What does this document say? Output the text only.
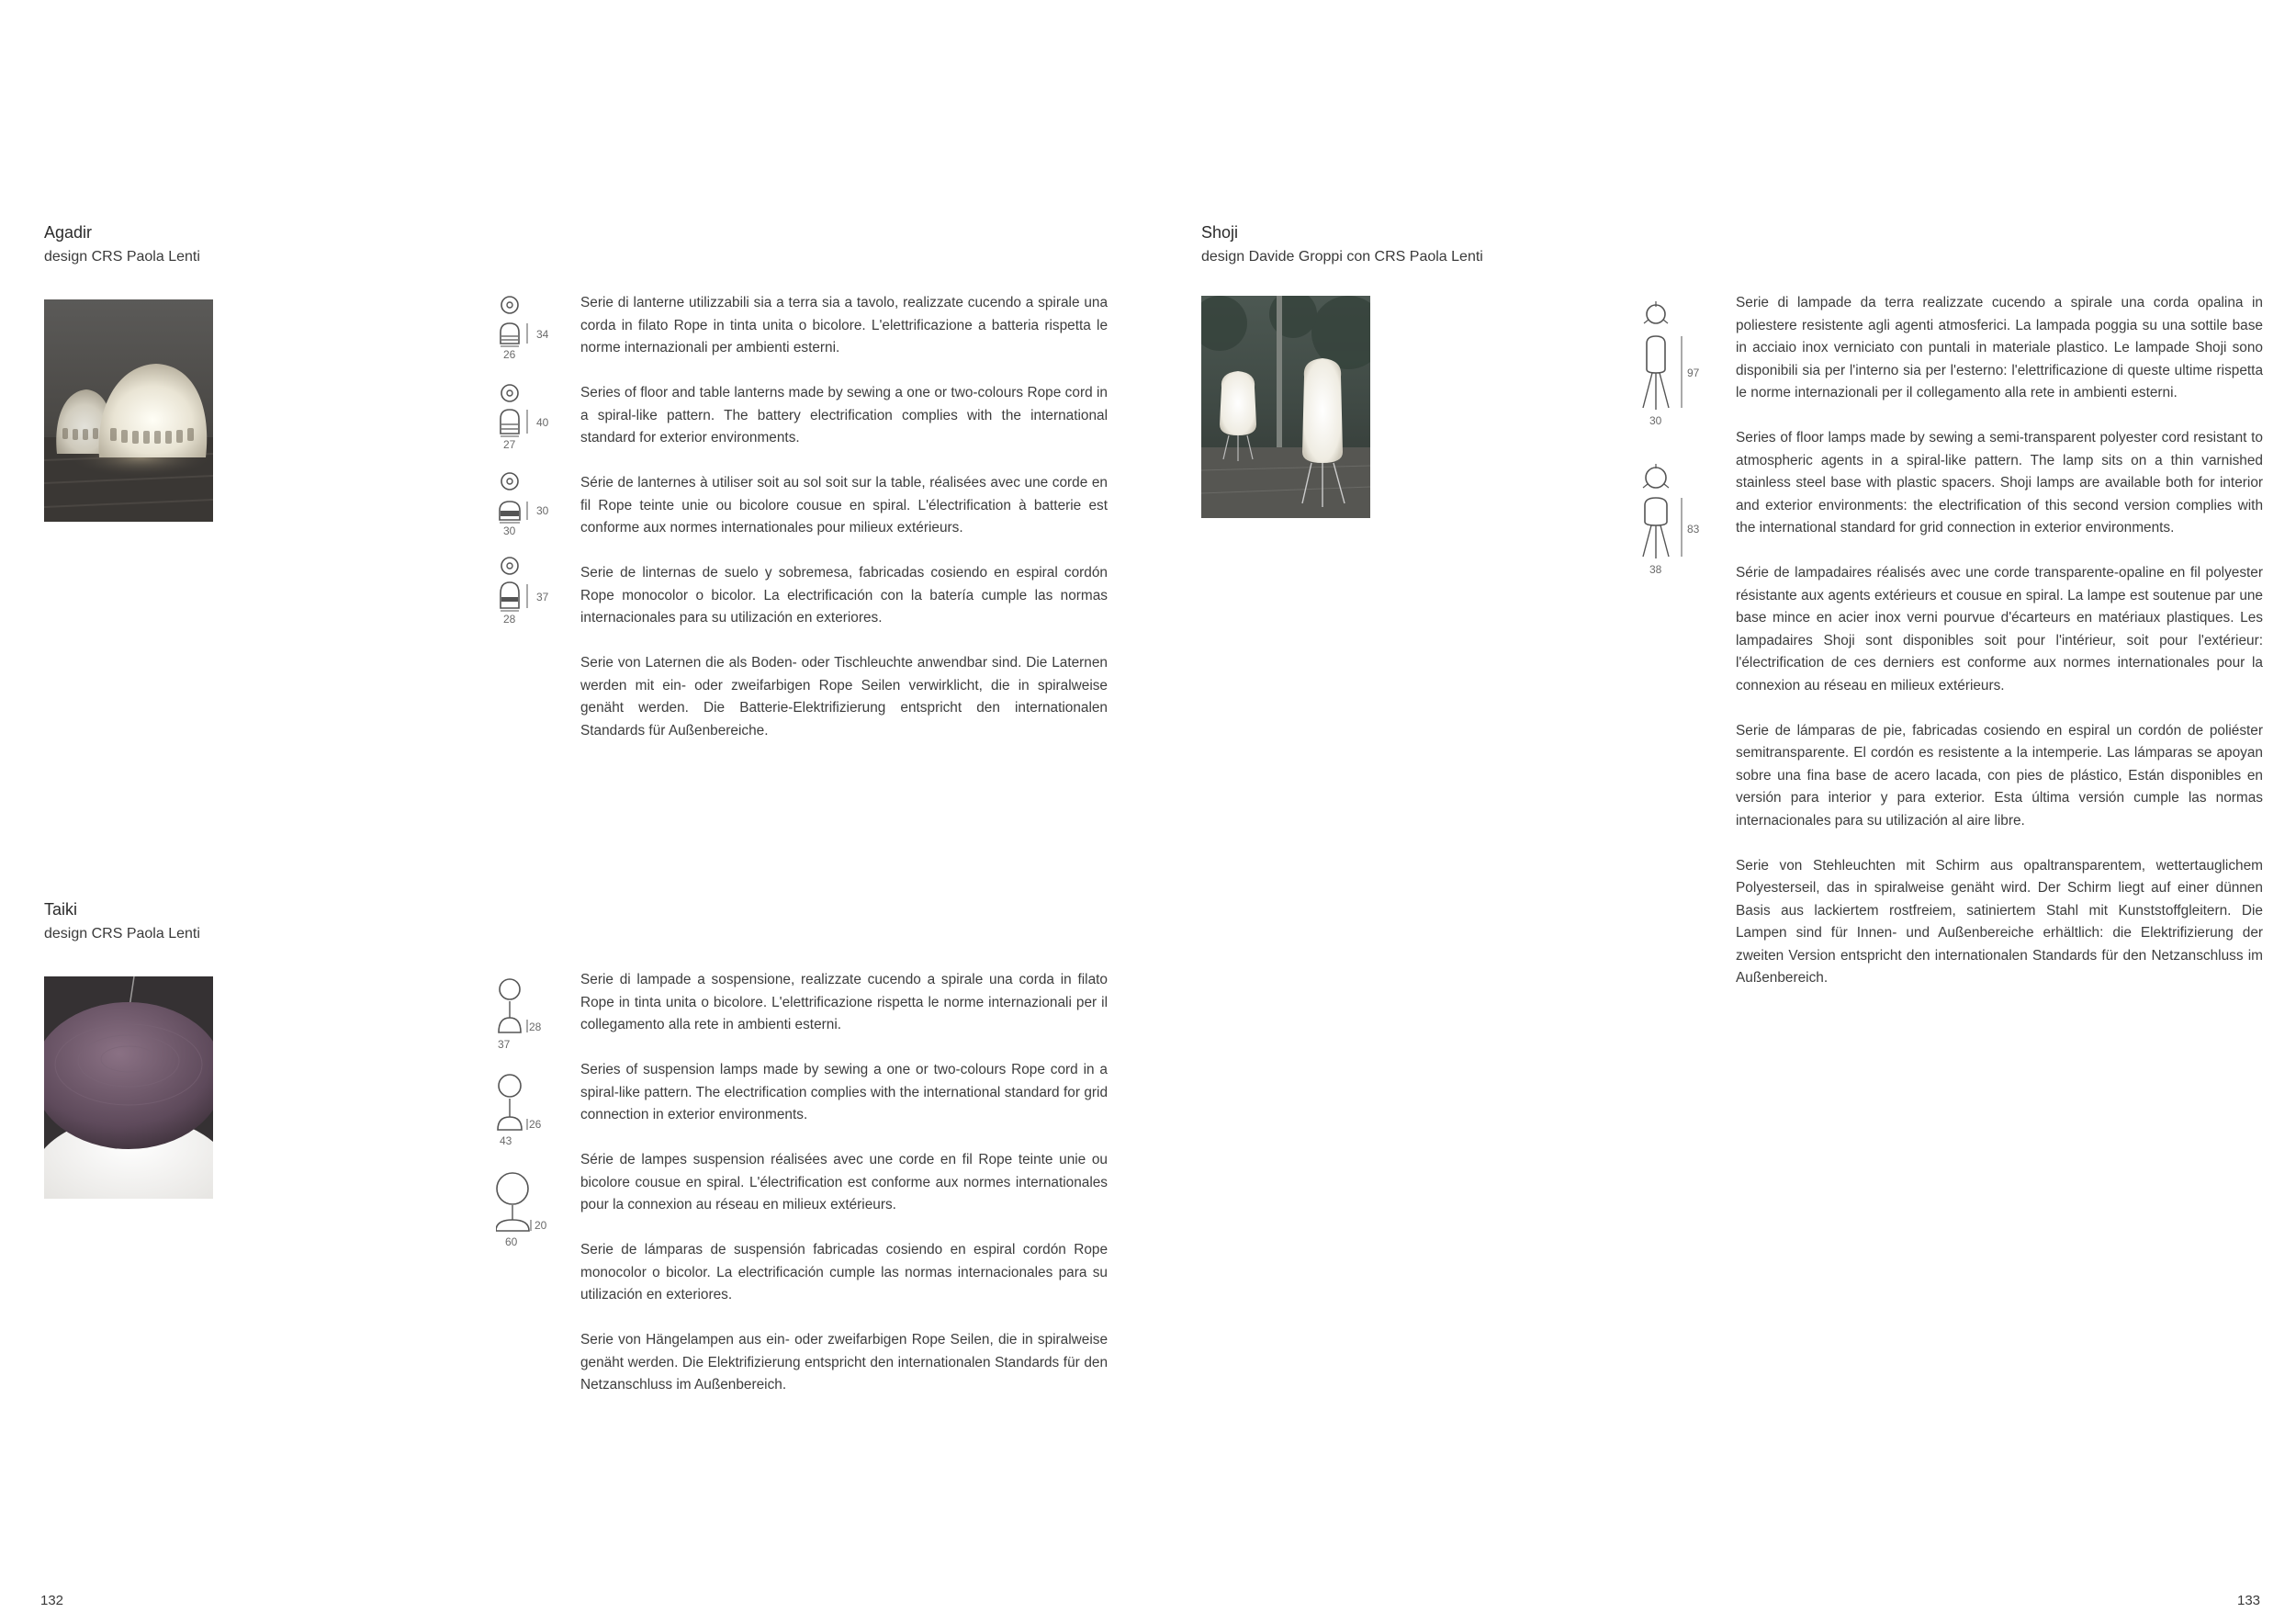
Agadir
design CRS Paola Lenti
34
26
40
27
30
30
37
28

Serie di lanterne utilizzabili sia a terra sia a tavolo, realizzate cucendo a spirale una corda in filato Rope in tinta unita o bicolore. L'elettrificazione a batteria rispetta le norme internazionali per ambienti esterni.

Series of floor and table lanterns made by sewing a one or two-colours Rope cord in a spiral-like pattern. The battery electrification complies with the international standard for exterior environments.

Série de lanternes à utiliser soit au sol soit sur la table, réalisées avec une corde en fil Rope teinte unie ou bicolore cousue en spiral. L'électrification à batterie est conforme aux normes internationales pour milieux extérieurs.

Serie de linternas de suelo y sobremesa, fabricadas cosiendo en espiral cordón Rope monocolor o bicolor. La electrificación con la batería cumple las normas internacionales para su utilización en exteriores.

Serie von Laternen die als Boden- oder Tischleuchte anwendbar sind. Die Laternen werden mit ein- oder zweifarbigen Rope Seilen verwirklicht, die in spiralweise genäht werden. Die Batterie-Elektrifizierung entspricht den internationalen Standards für Außenbereiche.

Taiki
design CRS Paola Lenti
28
37
26
43
20
60

Serie di lampade a sospensione, realizzate cucendo a spirale una corda in filato Rope in tinta unita o bicolore. L'elettrificazione rispetta le norme internazionali per il collegamento alla rete in ambienti esterni.

Series of suspension lamps made by sewing a one or two-colours Rope cord in a spiral-like pattern. The electrification complies with the international standard for grid connection in exterior environments.

Série de lampes suspension réalisées avec une corde en fil Rope teinte unie ou bicolore cousue en spiral. L'électrification est conforme aux normes internationales pour la connexion au réseau en milieux extérieurs.

Serie de lámparas de suspensión fabricadas cosiendo en espiral cordón Rope monocolor o bicolor. La electrificación cumple las normas internacionales para su utilización en exteriores.

Serie von Hängelampen aus ein- oder zweifarbigen Rope Seilen, die in spiralweise genäht werden. Die Elektrifizierung entspricht den internationalen Standards für den Netzanschluss im Außenbereich.

132
Shoji
design Davide Groppi con CRS Paola Lenti
97
30
83
38

Serie di lampade da terra realizzate cucendo a spirale una corda opalina in poliestere resistente agli agenti atmosferici. La lampada poggia su una sottile base in acciaio inox verniciato con puntali in materiale plastico. Le lampade Shoji sono disponibili sia per l'interno sia per l'esterno: l'elettrificazione di queste ultime rispetta le norme internazionali per il collegamento alla rete in ambienti esterni.

Series of floor lamps made by sewing a semi-transparent polyester cord resistant to atmospheric agents in a spiral-like pattern. The lamp sits on a thin varnished stainless steel base with plastic spacers. Shoji lamps are available both for interior and exterior environments: the electrification of this second version complies with the international standard for grid connection in exterior environments.

Série de lampadaires réalisés avec une corde transparente-opaline en fil polyester résistante aux agents extérieurs et cousue en spiral. La lampe est soutenue par une base mince en acier inox verni pourvue d'écarteurs en matériaux plastiques. Les lampadaires Shoji sont disponibles soit pour l'intérieur, soit pour l'extérieur: l'électrification de ces derniers est conforme aux normes internationales pour la connexion au réseau en milieux extérieurs.

Serie de lámparas de pie, fabricadas cosiendo en espiral un cordón de poliéster semitransparente. El cordón es resistente a la intemperie. Las lámparas se apoyan sobre una fina base de acero lacada, con pies de plástico, Están disponibles en versión para interior y para exterior. Esta última versión cumple las normas internacionales para su utilización al aire libre.

Serie von Stehleuchten mit Schirm aus opaltransparentem, wettertauglichem Polyesterseil, das in spiralweise genäht wird. Der Schirm liegt auf einer dünnen Basis aus lackiertem rostfreiem, satiniertem Stahl mit Kunststoffgleitern. Die Lampen sind für Innen- und Außenbereiche erhältlich: die Elektrifizierung der zweiten Version entspricht den internationalen Standards für den Netzanschluss im Außenbereich.

133
